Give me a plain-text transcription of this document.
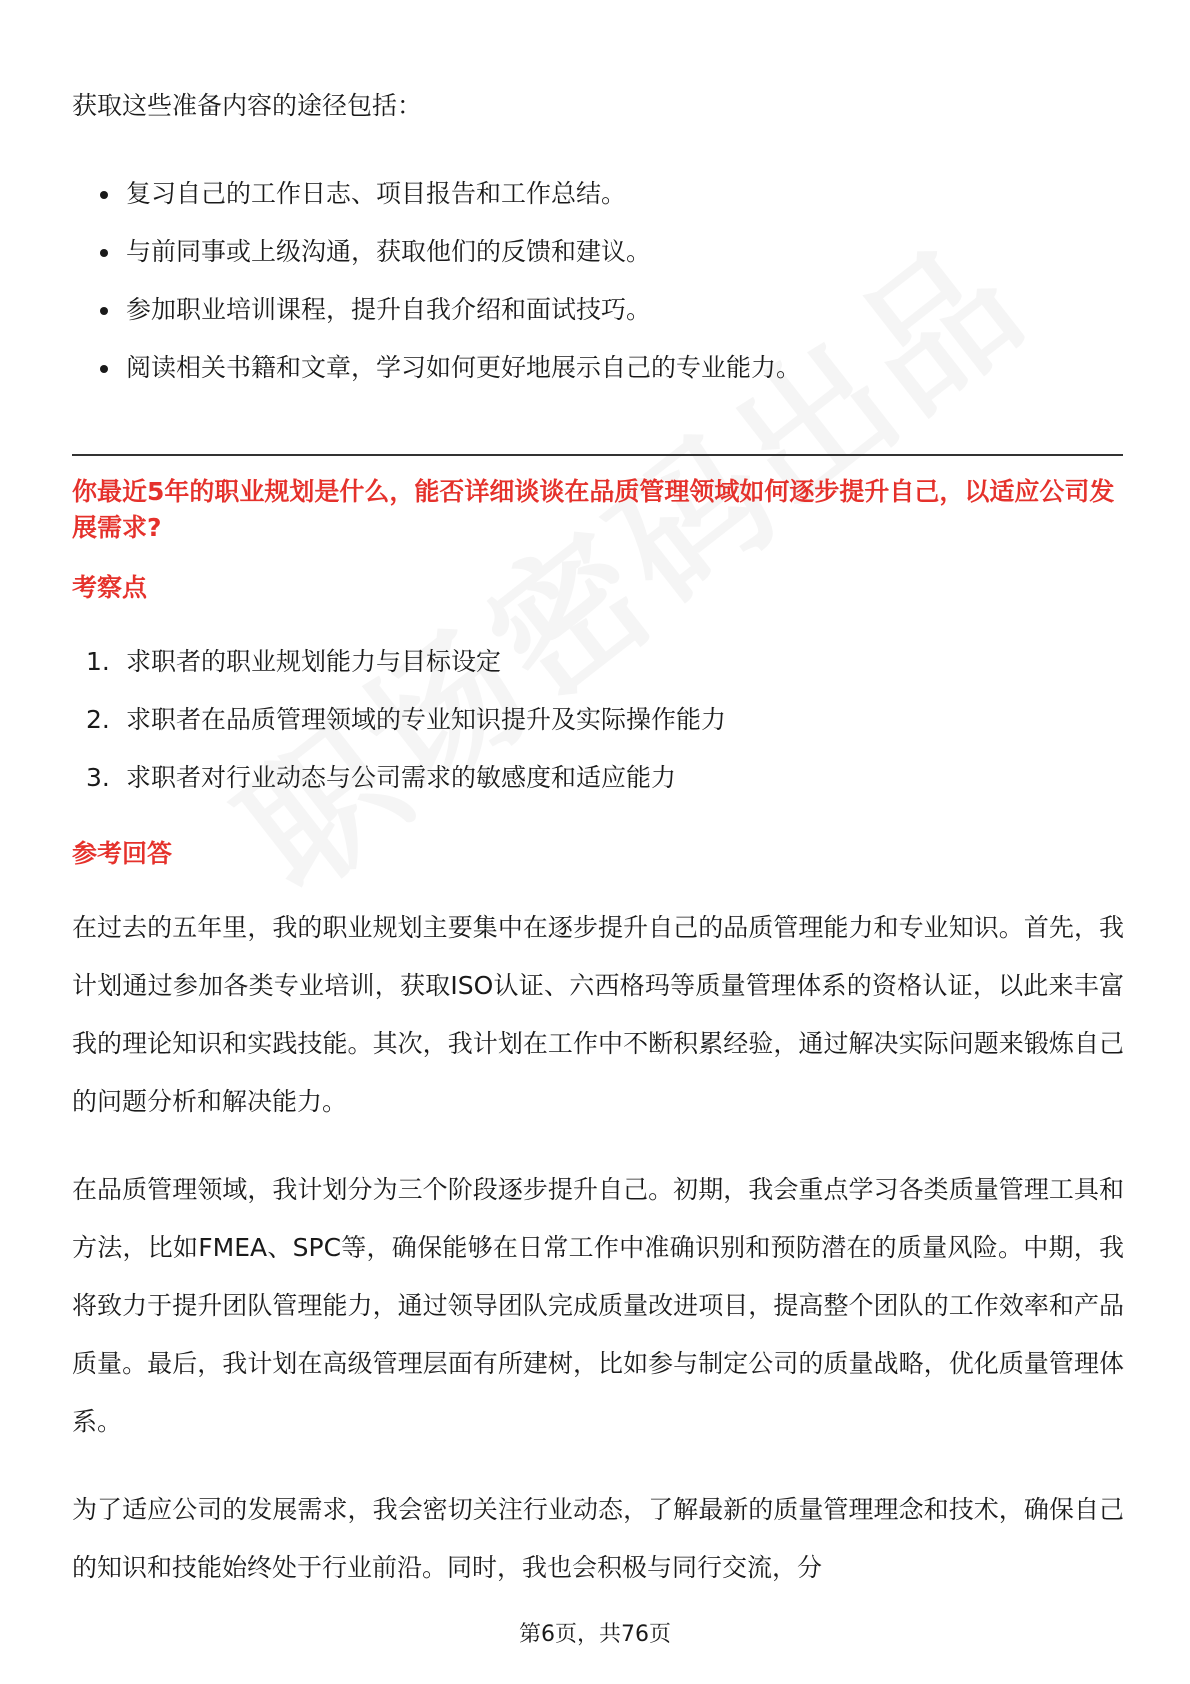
获取这些准备内容的途径包括：

复习自己的工作日志、项目报告和工作总结。
与前同事或上级沟通，获取他们的反馈和建议。
参加职业培训课程，提升自我介绍和面试技巧。
阅读相关书籍和文章，学习如何更好地展示自己的专业能力。
你最近5年的职业规划是什么，能否详细谈谈在品质管理领域如何逐步提升自己，以适应公司发展需求?
考察点
1. 求职者的职业规划能力与目标设定
2. 求职者在品质管理领域的专业知识提升及实际操作能力
3. 求职者对行业动态与公司需求的敏感度和适应能力
参考回答

在过去的五年里，我的职业规划主要集中在逐步提升自己的品质管理能力和专业知识。首先，我计划通过参加各类专业培训，获取ISO认证、六西格玛等质量管理体系的资格认证，以此来丰富我的理论知识和实践技能。其次，我计划在工作中不断积累经验，通过解决实际问题来锻炼自己的问题分析和解决能力。

在品质管理领域，我计划分为三个阶段逐步提升自己。初期，我会重点学习各类质量管理工具和方法，比如FMEA、SPC等，确保能够在日常工作中准确识别和预防潜在的质量风险。中期，我将致力于提升团队管理能力，通过领导团队完成质量改进项目，提高整个团队的工作效率和产品质量。最后，我计划在高级管理层面有所建树，比如参与制定公司的质量战略，优化质量管理体系。

为了适应公司的发展需求，我会密切关注行业动态，了解最新的质量管理理念和技术，确保自己的知识和技能始终处于行业前沿。同时，我也会积极与同行交流，分

第6页，共76页
